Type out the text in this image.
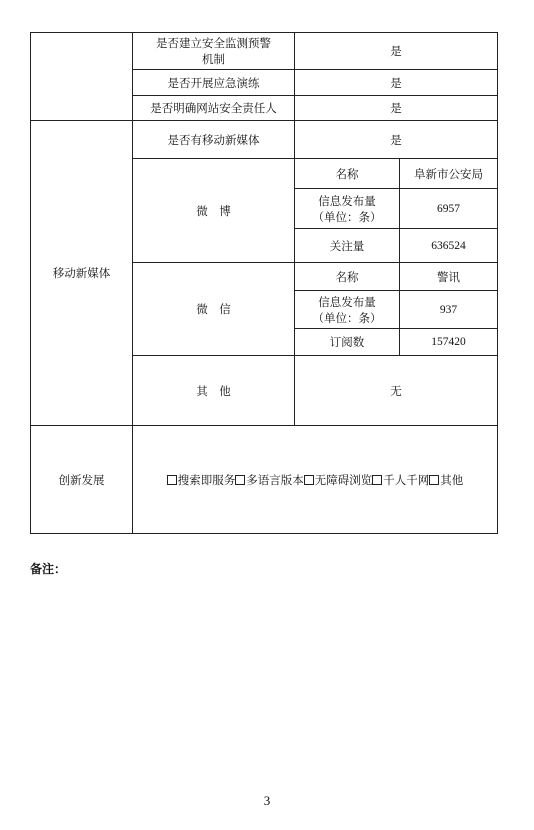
	是否建立安全监测预警机制	是	
	是否开展应急演练	是	
	是否明确网站安全责任人	是	
移动新媒体	是否有移动新媒体	是	
	微　博	名称	阜新市公安局
		信息发布量（单位：条）	6957
		关注量	636524
	微　信	名称	警讯
		信息发布量（单位：条）	937
		订阅数	157420
	其　他	无	
创新发展	搜索即服务 多语言版本 无障碍浏览 千人千网 其他		
备注：
3
